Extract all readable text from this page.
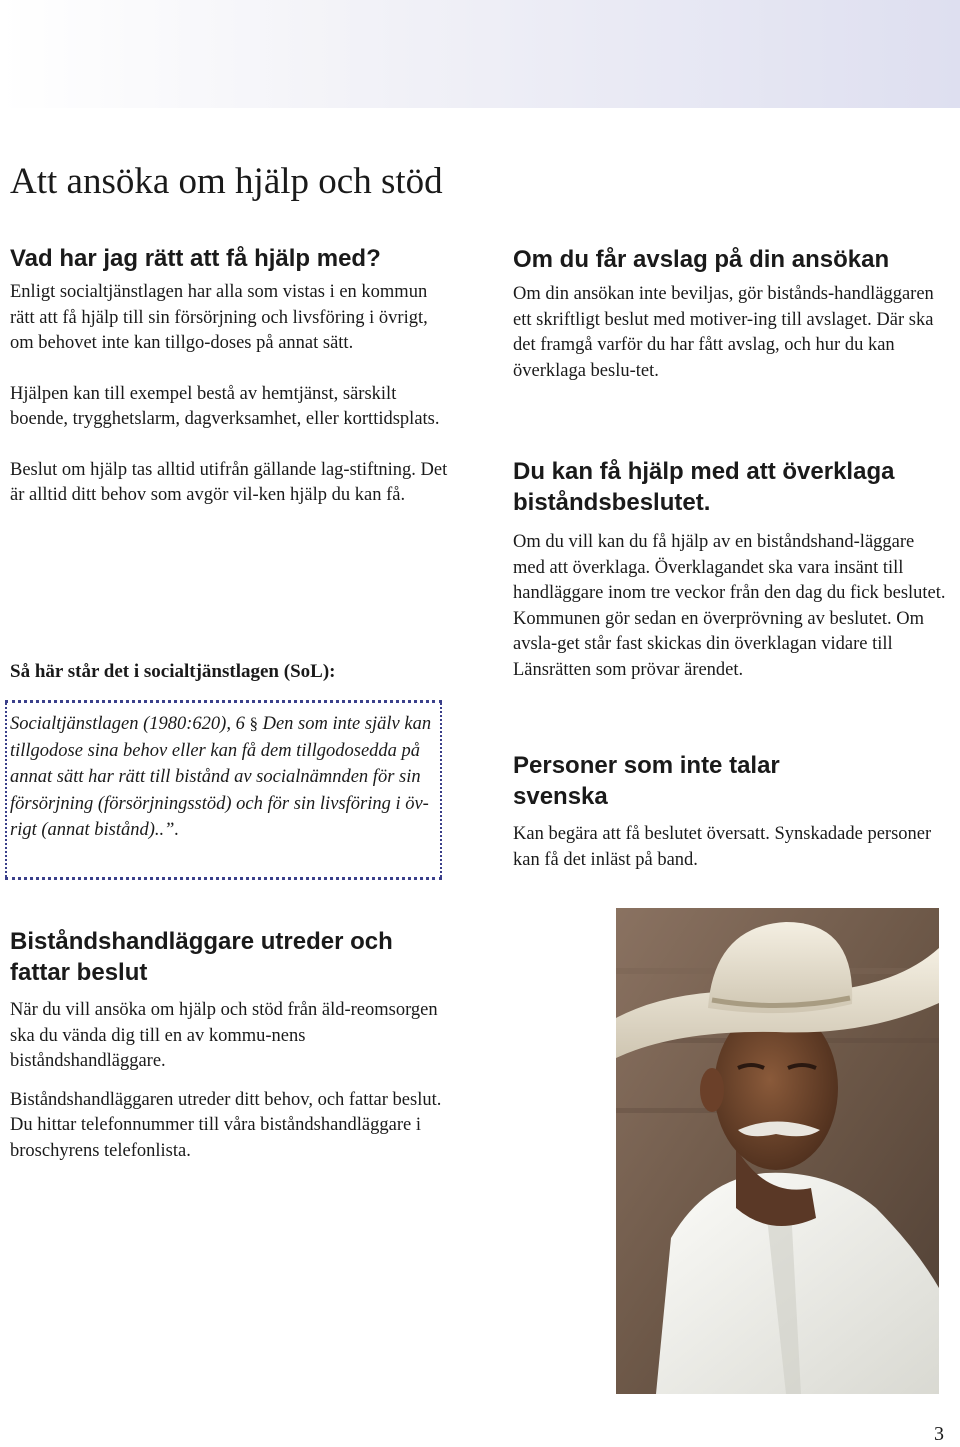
Att ansöka om hjälp och stöd
Vad har jag rätt att få hjälp med?

Enligt socialtjänstlagen har alla som vistas i en kommun rätt att få hjälp till sin försörjning och livsföring i övrigt, om behovet inte kan tillgo-doses på annat sätt.

Hjälpen kan till exempel bestå av hemtjänst, särskilt boende, trygghetslarm, dagverksamhet, eller korttidsplats.

Beslut om hjälp tas alltid utifrån gällande lag-stiftning. Det är alltid ditt behov som avgör vil-ken hjälp du kan få.

Så här står det i socialtjänstlagen (SoL):

Socialtjänstlagen (1980:620), 6 § Den som inte själv kan tillgodose sina behov eller kan få dem tillgodosedda på annat sätt har rätt till bistånd av socialnämnden för sin försörjning (försörjningsstöd) och för sin livsföring i öv-rigt (annat bistånd)..”.

Biståndshandläggare utreder och fattar beslut

När du vill ansöka om hjälp och stöd från äld-reomsorgen ska du vända dig till en av kommu-nens biståndshandläggare.

Biståndshandläggaren utreder ditt behov, och fattar beslut. Du hittar telefonnummer till våra biståndshandläggare i broschyrens telefonlista.

Om du får avslag på din ansökan

Om din ansökan inte beviljas, gör bistånds-handläggaren ett skriftligt beslut med motiver-ing till avslaget. Där ska det framgå varför du har fått avslag, och hur du kan överklaga beslu-tet.

Du kan få hjälp med att överklaga biståndsbeslutet.

Om du vill kan du få hjälp av en biståndshand-läggare med att överklaga. Överklagandet ska vara insänt till handläggare inom tre veckor från den dag du fick beslutet. Kommunen gör sedan en överprövning av beslutet. Om avsla-get står fast skickas din överklagan vidare till Länsrätten som prövar ärendet.

Personer som inte talar svenska

Kan begära att få beslutet översatt. Synskadade personer kan få det inläst på band.

3
